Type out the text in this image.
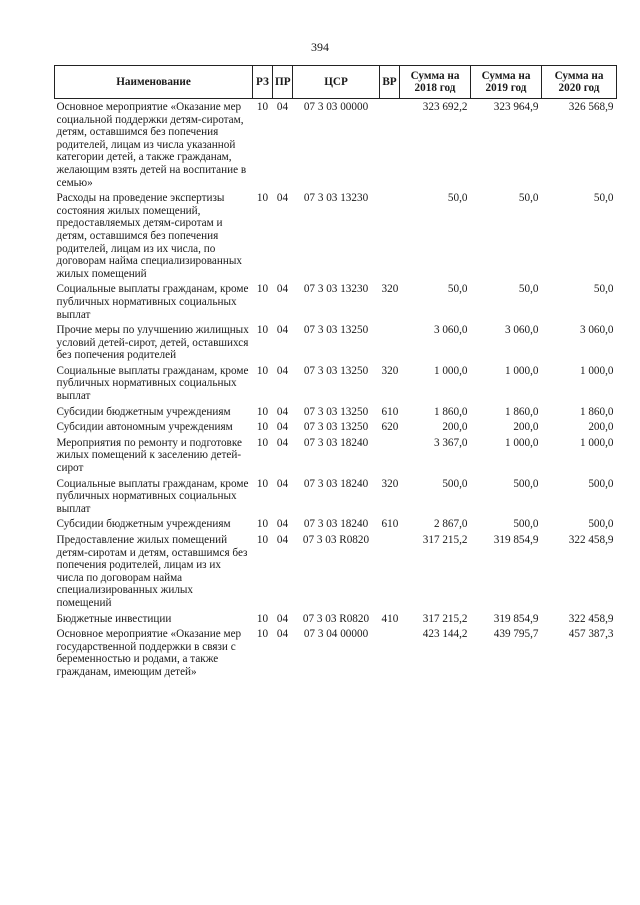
394
Наименование	РЗ	ПР	ЦСР	ВР	Сумма на 2018 год	Сумма на 2019 год	Сумма на 2020 год
Основное мероприятие «Оказание мер социальной поддержки детям-сиротам, детям, оставшимся без попечения родителей, лицам из числа указанной категории детей, а также гражданам, желающим взять детей на воспитание в семью»	10	04	07 3 03 00000		323 692,2	323 964,9	326 568,9
Расходы на проведение экспертизы состояния жилых помещений, предоставляемых детям-сиротам и детям, оставшимся без попечения родителей, лицам из их числа, по договорам найма специализированных жилых помещений	10	04	07 3 03 13230		50,0	50,0	50,0
Социальные выплаты гражданам, кроме публичных нормативных социальных выплат	10	04	07 3 03 13230	320	50,0	50,0	50,0
Прочие меры по улучшению жилищных условий детей-сирот, детей, оставшихся без попечения родителей	10	04	07 3 03 13250		3 060,0	3 060,0	3 060,0
Социальные выплаты гражданам, кроме публичных нормативных социальных выплат	10	04	07 3 03 13250	320	1 000,0	1 000,0	1 000,0
Субсидии бюджетным учреждениям	10	04	07 3 03 13250	610	1 860,0	1 860,0	1 860,0
Субсидии автономным учреждениям	10	04	07 3 03 13250	620	200,0	200,0	200,0
Мероприятия по ремонту и подготовке жилых помещений к заселению детей-сирот	10	04	07 3 03 18240		3 367,0	1 000,0	1 000,0
Социальные выплаты гражданам, кроме публичных нормативных социальных выплат	10	04	07 3 03 18240	320	500,0	500,0	500,0
Субсидии бюджетным учреждениям	10	04	07 3 03 18240	610	2 867,0	500,0	500,0
Предоставление жилых помещений детям-сиротам и детям, оставшимся без попечения родителей, лицам из их числа по договорам найма специализированных жилых помещений	10	04	07 3 03 R0820		317 215,2	319 854,9	322 458,9
Бюджетные инвестиции	10	04	07 3 03 R0820	410	317 215,2	319 854,9	322 458,9
Основное мероприятие «Оказание мер государственной поддержки в связи с беременностью и родами, а также гражданам, имеющим детей»	10	04	07 3 04 00000		423 144,2	439 795,7	457 387,3
